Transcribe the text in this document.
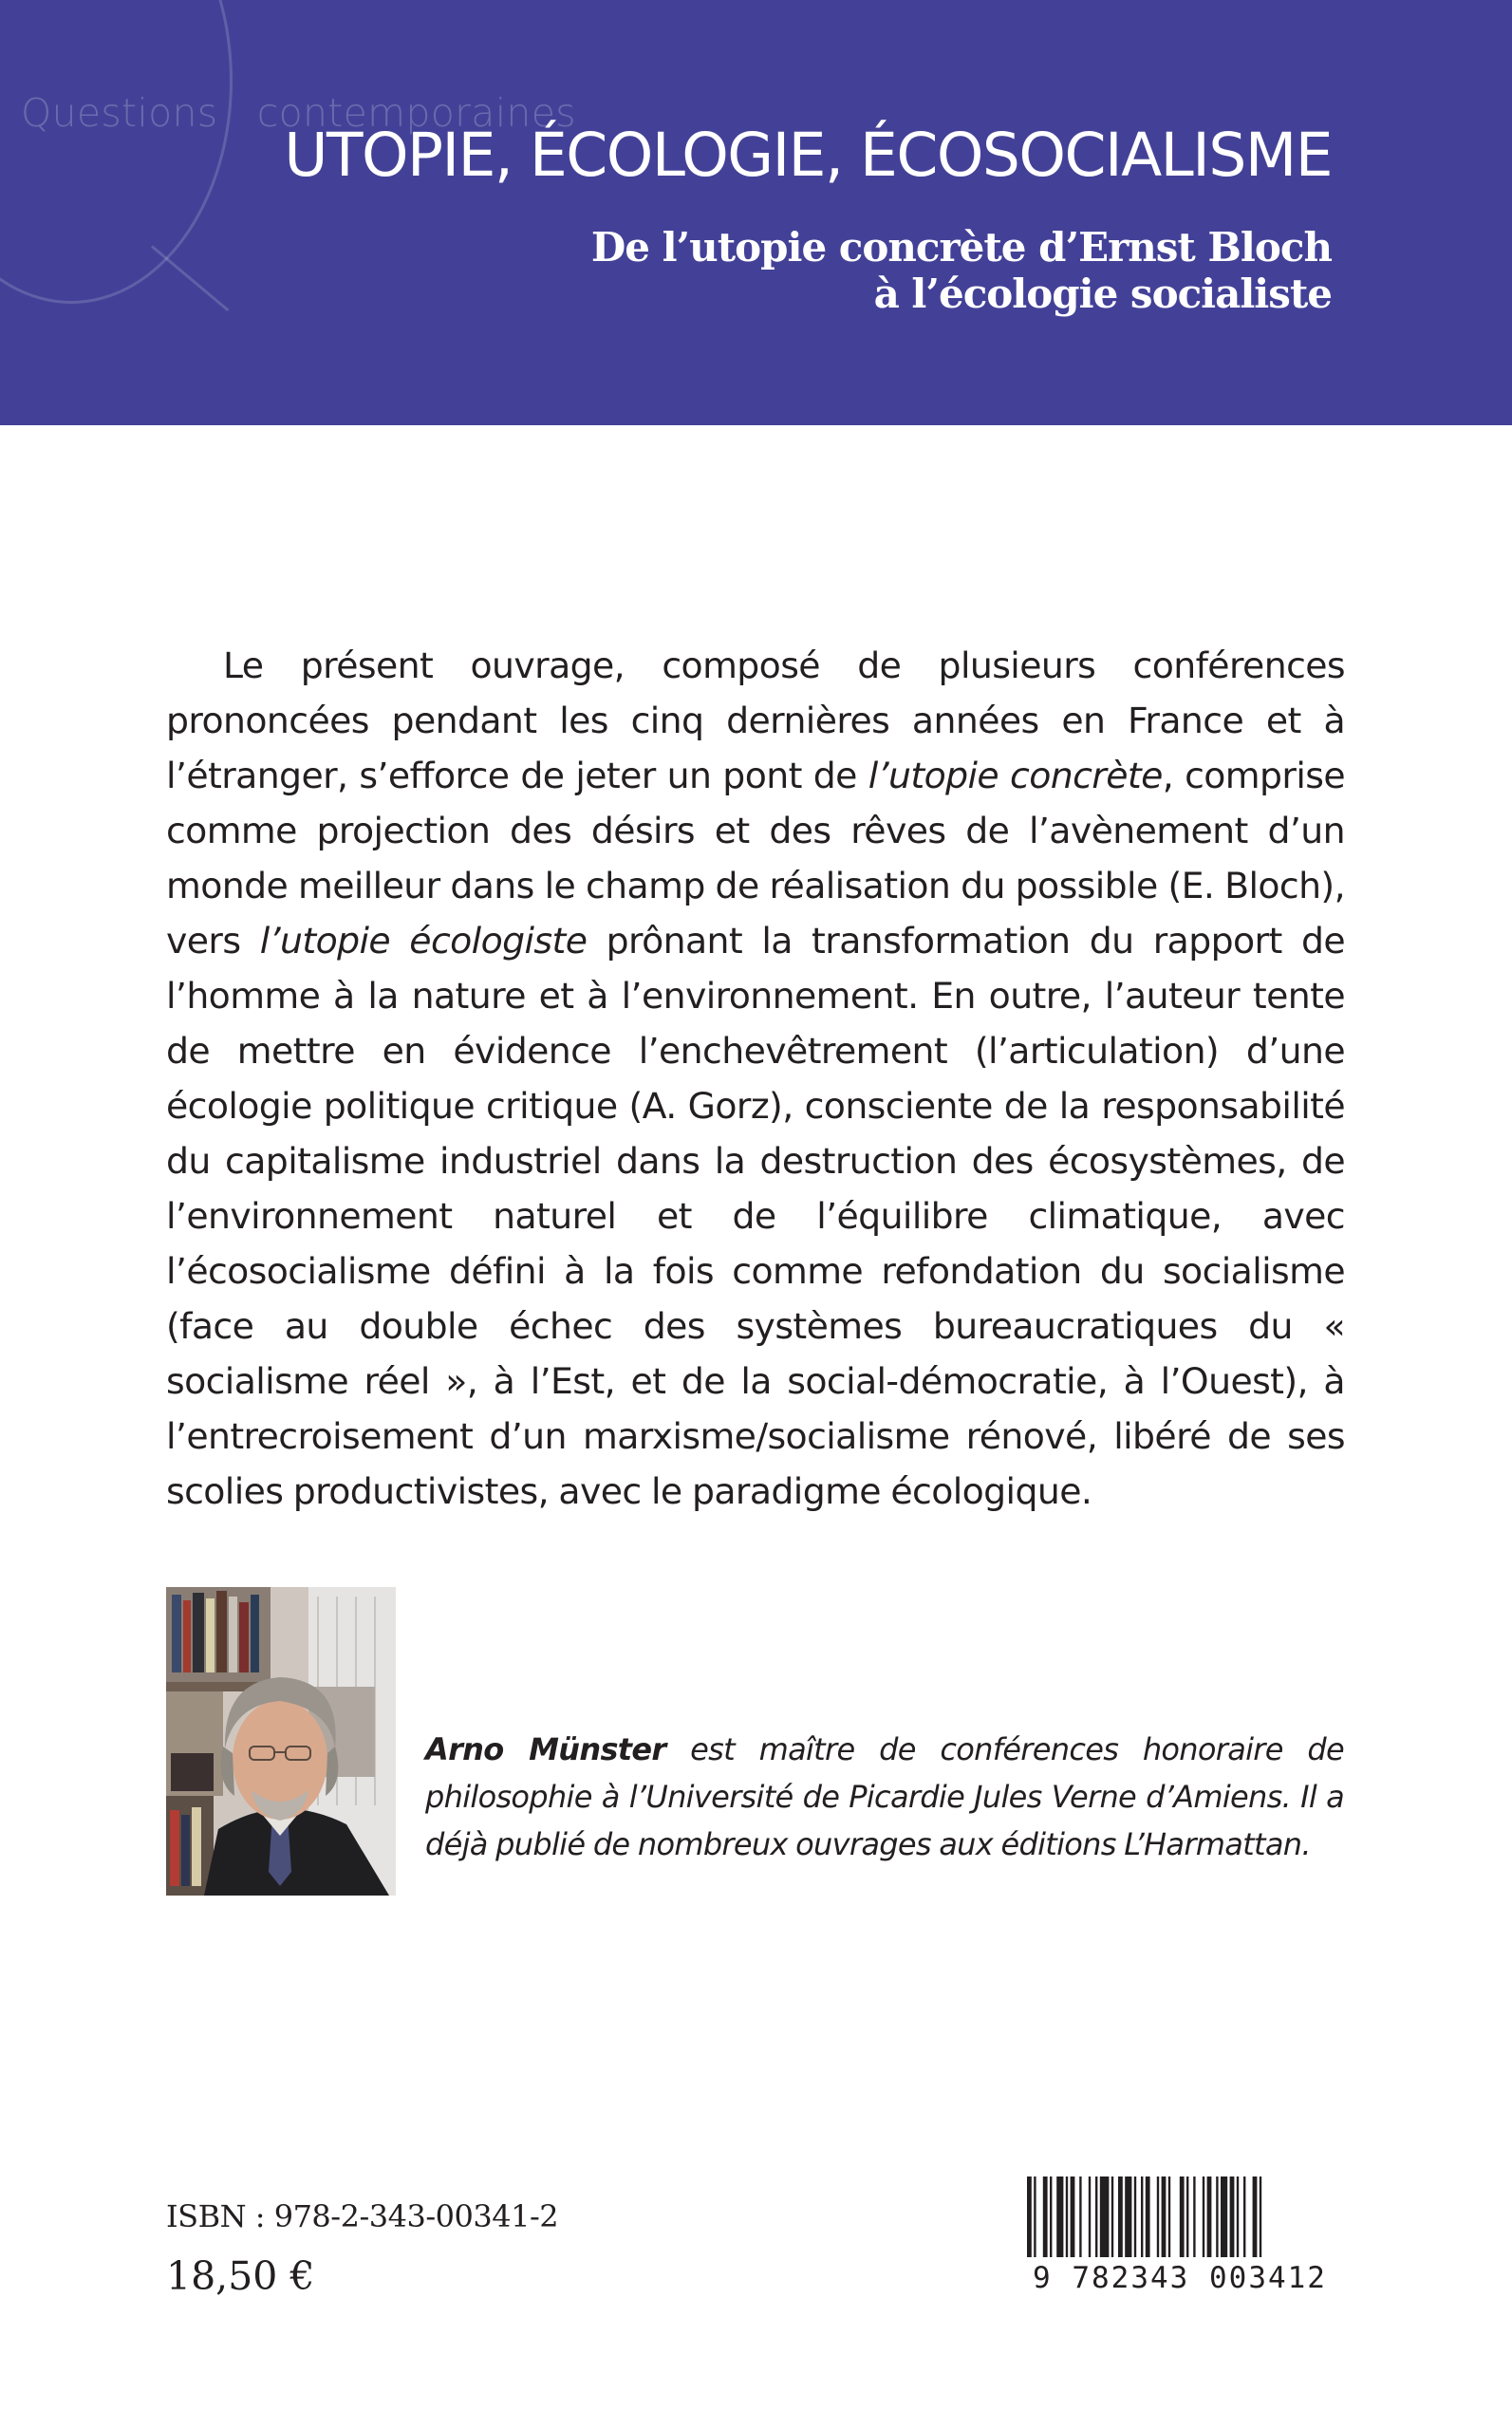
Questions contemporaines
UTOPIE, ÉCOLOGIE, ÉCOSOCIALISME
De l’utopie concrète d’Ernst Bloch
à l’écologie socialiste
Le présent ouvrage, composé de plusieurs conférences prononcées pendant les cinq dernières années en France et à l’étranger, s’efforce de jeter un pont de l’utopie concrète, comprise comme projection des désirs et des rêves de l’avènement d’un monde meilleur dans le champ de réalisation du possible (E. Bloch), vers l’utopie écologiste prônant la transformation du rapport de l’homme à la nature et à l’environnement. En outre, l’auteur tente de mettre en évidence l’enchevêtrement (l’articulation) d’une écologie politique critique (A. Gorz), consciente de la responsabilité du capitalisme industriel dans la destruction des écosystèmes, de l’environnement naturel et de l’équilibre climatique, avec l’écosocialisme défini à la fois comme refondation du socialisme (face au double échec des systèmes bureaucratiques du « socialisme réel », à l’Est, et de la social-démocratie, à l’Ouest), à l’entrecroisement d’un marxisme/socialisme rénové, libéré de ses scolies productivistes, avec le paradigme écologique.
Arno Münster est maître de conférences honoraire de philosophie à l’Université de Picardie Jules Verne d’Amiens. Il a déjà publié de nombreux ouvrages aux éditions L’Harmattan.
ISBN : 978-2-343-00341-2
18,50 €	9 782343 003412
